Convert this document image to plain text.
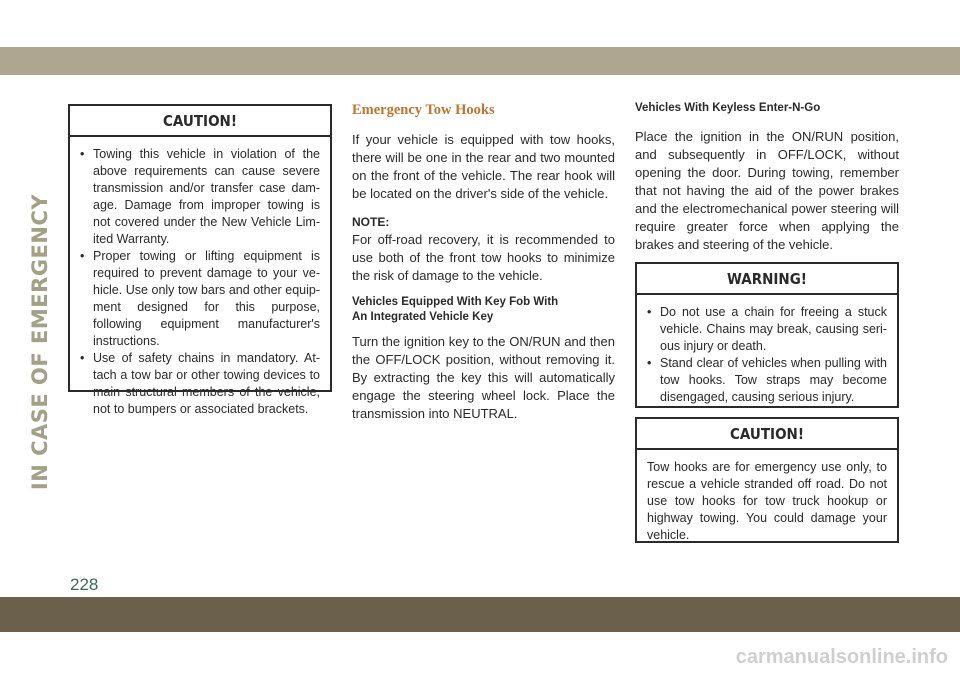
IN CASE OF EMERGENCY
CAUTION!
• Towing this vehicle in violation of the above requirements can cause severe transmission and/or transfer case dam-age. Damage from improper towing is not covered under the New Vehicle Lim-ited Warranty.
• Proper towing or lifting equipment is required to prevent damage to your ve-hicle. Use only tow bars and other equip-ment designed for this purpose, following equipment manufacturer's instructions.
• Use of safety chains in mandatory. At-tach a tow bar or other towing devices to main structural members of the vehicle, not to bumpers or associated brackets.
Emergency Tow Hooks

If your vehicle is equipped with tow hooks, there will be one in the rear and two mounted on the front of the vehicle. The rear hook will be located on the driver's side of the vehicle.

NOTE:

For off-road recovery, it is recommended to use both of the front tow hooks to minimize the risk of damage to the vehicle.

Vehicles Equipped With Key Fob With
An Integrated Vehicle Key

Turn the ignition key to the ON/RUN and then the OFF/LOCK position, without removing it. By extracting the key this will automatically engage the steering wheel lock. Place the transmission into NEUTRAL.

Vehicles With Keyless Enter-N-Go

Place the ignition in the ON/RUN position, and subsequently in OFF/LOCK, without opening the door. During towing, remember that not having the aid of the power brakes and the electromechanical power steering will require greater force when applying the brakes and steering of the vehicle.

WARNING!
• Do not use a chain for freeing a stuck vehicle. Chains may break, causing seri-ous injury or death.
• Stand clear of vehicles when pulling with tow hooks. Tow straps may become disengaged, causing serious injury.
CAUTION!

Tow hooks are for emergency use only, to rescue a vehicle stranded off road. Do not use tow hooks for tow truck hookup or highway towing. You could damage your vehicle.

228
carmanualsonline.info
